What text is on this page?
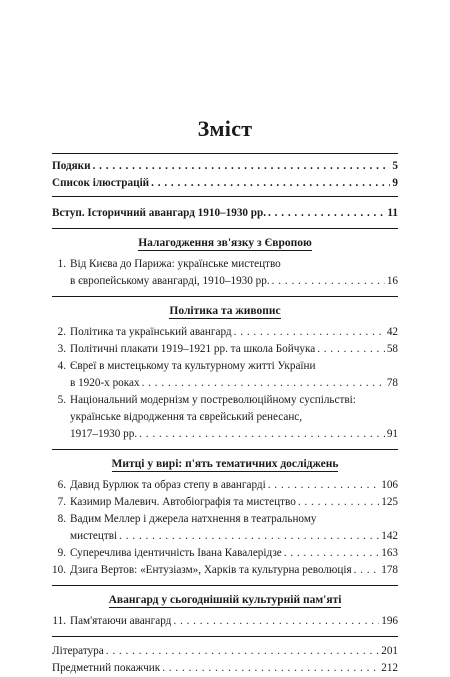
Зміст
Подяки . . .	5
Список ілюстрацій . . .	9
Вступ. Історичний авангард 1910–1930 рр. . . .	11
Налагодження зв'язку з Європою
1. Від Києва до Парижа: українське мистецтво
в європейському авангарді, 1910–1930 рр. . . .	16
Політика та живопис
2. Політика та український авангард . . .	42
3. Політичні плакати 1919–1921 рр. та школа Бойчука . . .	58
4. Євреї в мистецькому та культурному житті України
в 1920-х роках . . .	78
5. Національний модернізм у постреволюційному суспільстві:
українське відродження та єврейський ренесанс,
1917–1930 рр. . . .	91
Митці у вирі: п'ять тематичних досліджень
6. Давид Бурлюк та образ степу в авангарді . . .	106
7. Казимир Малевич. Автобіографія та мистецтво . . .	125
8. Вадим Меллер і джерела натхнення в театральному
мистецтві . . .	142
9. Суперечлива ідентичність Івана Кавалерідзе . . .	163
10. Дзига Вертов: «Ентузіазм», Харків та культурна революція . . .	178
Авангард у сьогоднішній культурній пам'яті
11. Пам'ятаючи авангард . . .	196
Література . . .	201
Предметний покажчик . . .	212
